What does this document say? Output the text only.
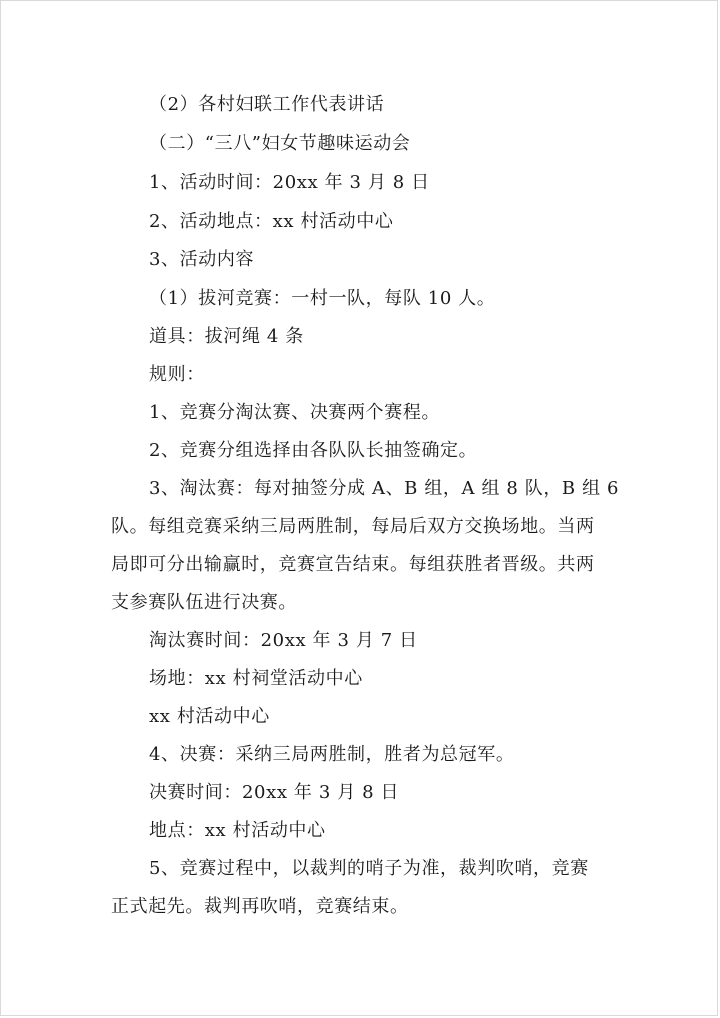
（2）各村妇联工作代表讲话
（二）“三八”妇女节趣味运动会
1、活动时间：20xx 年 3 月 8 日
2、活动地点：xx 村活动中心
3、活动内容
（1）拔河竞赛：一村一队，每队 10 人。
道具：拔河绳 4 条
规则：
1、竞赛分淘汰赛、决赛两个赛程。
2、竞赛分组选择由各队队长抽签确定。
3、淘汰赛：每对抽签分成 A、B 组，A 组 8 队，B 组 6
队。每组竞赛采纳三局两胜制，每局后双方交换场地。当两
局即可分出输赢时，竞赛宣告结束。每组获胜者晋级。共两
支参赛队伍进行决赛。
淘汰赛时间：20xx 年 3 月 7 日
场地：xx 村祠堂活动中心
xx 村活动中心
4、决赛：采纳三局两胜制，胜者为总冠军。
决赛时间：20xx 年 3 月 8 日
地点：xx 村活动中心
5、竞赛过程中，以裁判的哨子为准，裁判吹哨，竞赛
正式起先。裁判再吹哨，竞赛结束。
